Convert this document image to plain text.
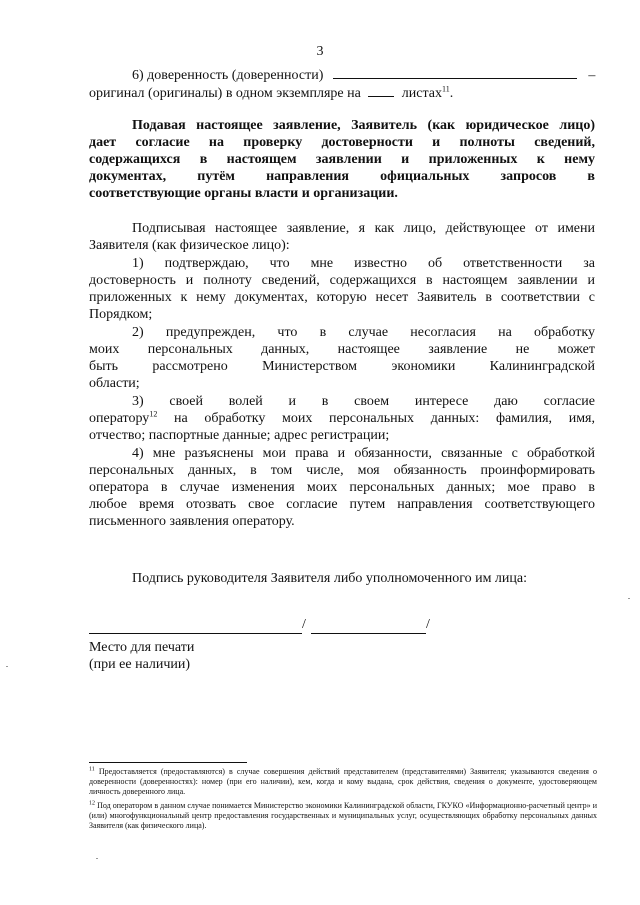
3
6) доверенность (доверенности)	–
оригинал (оригиналы) в одном экземпляре на	листах$^{11}$.
Подавая настоящее заявление, Заявитель (как юридическое лицо)
дает согласие на проверку достоверности и полноты сведений,
содержащихся в настоящем заявлении и приложенных к нему
документах, путём направления официальных запросов в
соответствующие органы власти и организации.
Подписывая настоящее заявление, я как лицо, действующее от имени
Заявителя (как физическое лицо):
1) подтверждаю, что мне известно об ответственности за
достоверность и полноту сведений, содержащихся в настоящем заявлении и
приложенных к нему документах, которую несет Заявитель в соответствии с
Порядком;
2) предупрежден, что в случае несогласия на обработку
моих персональных данных, настоящее заявление не может
быть рассмотрено Министерством экономики Калининградской
области;
3) своей волей и в своем интересе даю согласие
оператору$^{12}$ на обработку моих персональных данных: фамилия, имя,
отчество; паспортные данные; адрес регистрации;
4) мне разъяснены мои права и обязанности, связанные с обработкой
персональных данных, в том числе, моя обязанность проинформировать
оператора в случае изменения моих персональных данных; мое право в
любое время отозвать свое согласие путем направления соответствующего
письменного заявления оператору.
Подпись руководителя Заявителя либо уполномоченного им лица:
/	/
Место для печати
(при ее наличии)
$^{11}$ Предоставляется (предоставляются) в случае совершения действий представителем (представителями) Заявителя; указываются сведения о доверенности (доверенностях): номер (при его наличии), кем, когда и кому выдана, срок действия, сведения о документе, удостоверяющем личность доверенного лица.
$^{12}$ Под оператором в данном случае понимается Министерство экономики Калининградской области, ГКУКО «Информационно-расчетный центр» и (или) многофункциональный центр предоставления государственных и муниципальных услуг, осуществляющих обработку персональных данных Заявителя (как физического лица).
